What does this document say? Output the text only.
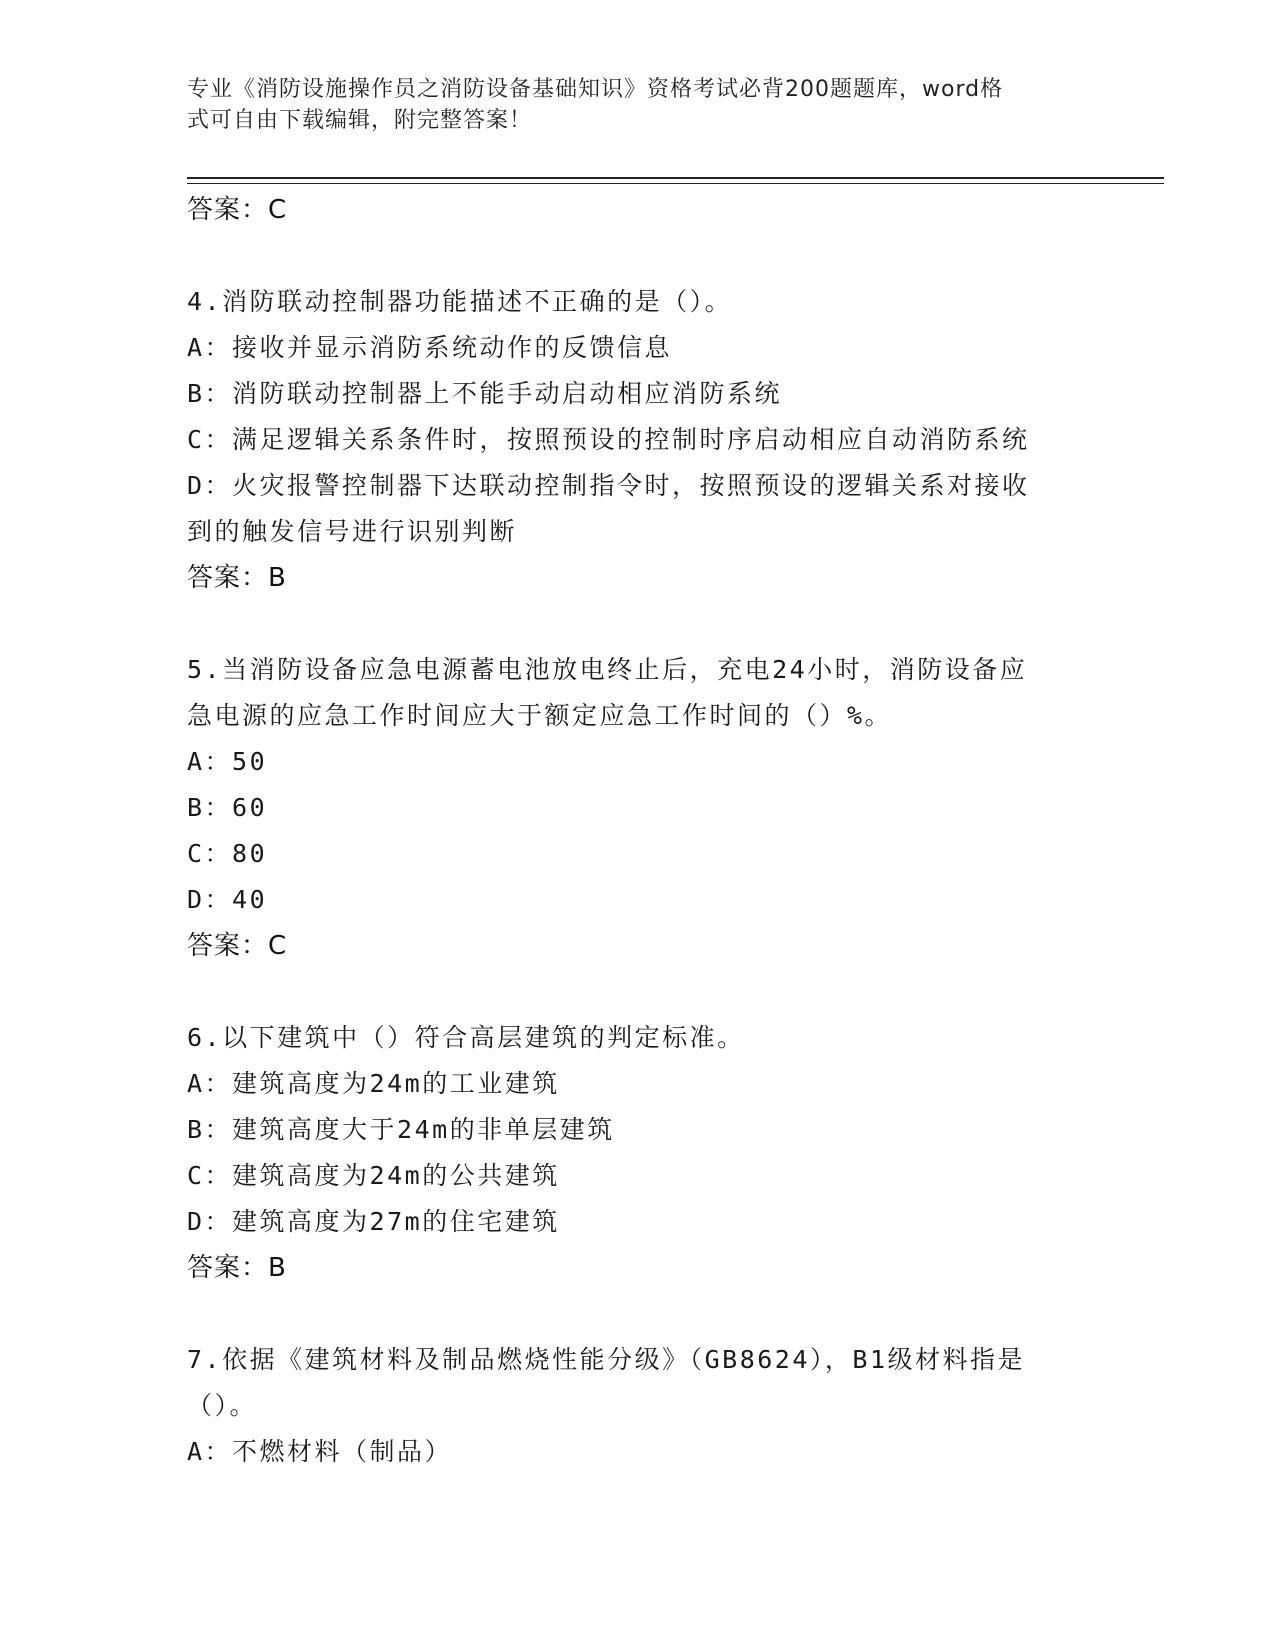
专业《消防设施操作员之消防设备基础知识》资格考试必背200题题库，word格
式可自由下载编辑，附完整答案！
答案：C
4.消防联动控制器功能描述不正确的是（）。
A：接收并显示消防系统动作的反馈信息
B：消防联动控制器上不能手动启动相应消防系统
C：满足逻辑关系条件时，按照预设的控制时序启动相应自动消防系统
D：火灾报警控制器下达联动控制指令时，按照预设的逻辑关系对接收
到的触发信号进行识别判断
答案：B
5.当消防设备应急电源蓄电池放电终止后，充电24小时，消防设备应
急电源的应急工作时间应大于额定应急工作时间的（）%。
A：50
B：60
C：80
D：40
答案：C
6.以下建筑中（）符合高层建筑的判定标准。
A：建筑高度为24m的工业建筑
B：建筑高度大于24m的非单层建筑
C：建筑高度为24m的公共建筑
D：建筑高度为27m的住宅建筑
答案：B
7.依据《建筑材料及制品燃烧性能分级》（GB8624），B1级材料指是
（）。
A：不燃材料（制品）
